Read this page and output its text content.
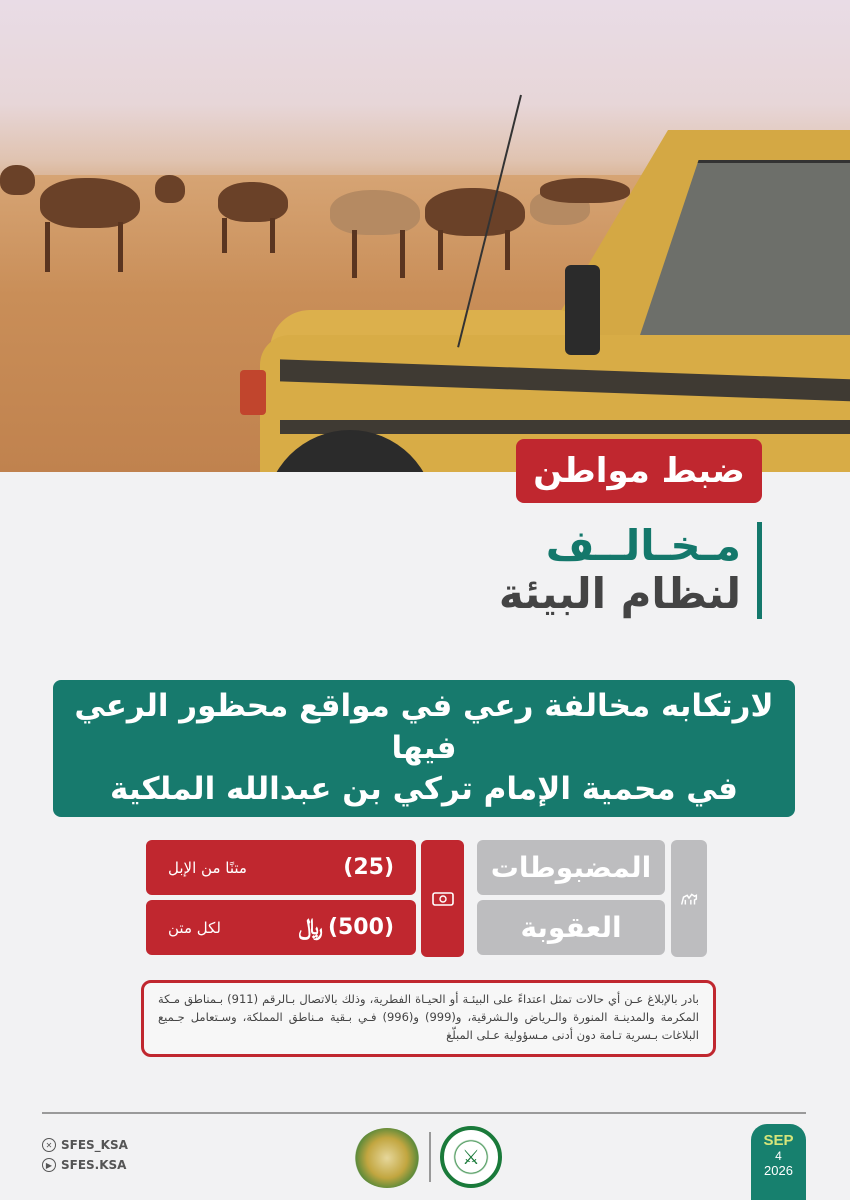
ضبط مواطن
مـخـالــف
لنظام البيئة
لارتكابه مخالفة رعي في مواقع محظور الرعي فيها
في محمية الإمام تركي بن عبدالله الملكية
المضبوطات
العقوبة
(25)
متنًا من الإبل
(500) ﷼
لكل متن
بادر بالإبلاغ عـن أي حالات تمثل اعتداءً على البيئـة أو الحيـاة الفطرية، وذلك بالاتصال بـالرقم (911) بـمناطق مـكة المكرمة والمدينـة المنورة والـرياض والـشرقية، و(999) و(996) فـي بـقية مـناطق المملكة، وسـتعامل جـميع البلاغات بـسرية تـامة دون أدنى مـسؤولية عـلى المبلّغ
✕ SFES_KSA
▶ SFES.KSA	⚔
SEP
4
2026
